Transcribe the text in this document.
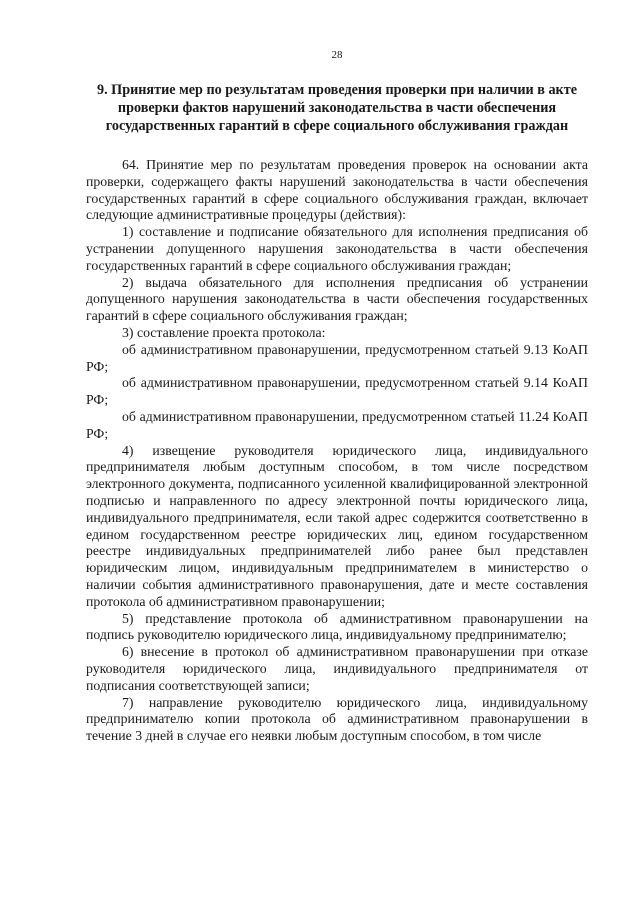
28
9. Принятие мер по результатам проведения проверки при наличии в акте проверки фактов нарушений законодательства в части обеспечения государственных гарантий в сфере социального обслуживания граждан

64. Принятие мер по результатам проведения проверок на основании акта проверки, содержащего факты нарушений законодательства в части обеспечения государственных гарантий в сфере социального обслуживания граждан, включает следующие административные процедуры (действия):

1) составление и подписание обязательного для исполнения предписания об устранении допущенного нарушения законодательства в части обеспечения государственных гарантий в сфере социального обслуживания граждан;

2) выдача обязательного для исполнения предписания об устранении допущенного нарушения законодательства в части обеспечения государственных гарантий в сфере социального обслуживания граждан;

3) составление проекта протокола:

об административном правонарушении, предусмотренном статьей 9.13 КоАП РФ;

об административном правонарушении, предусмотренном статьей 9.14 КоАП РФ;

об административном правонарушении, предусмотренном статьей 11.24 КоАП РФ;

4) извещение руководителя юридического лица, индивидуального предпринимателя любым доступным способом, в том числе посредством электронного документа, подписанного усиленной квалифицированной электронной подписью и направленного по адресу электронной почты юридического лица, индивидуального предпринимателя, если такой адрес содержится соответственно в едином государственном реестре юридических лиц, едином государственном реестре индивидуальных предпринимателей либо ранее был представлен юридическим лицом, индивидуальным предпринимателем в министерство о наличии события административного правонарушения, дате и месте составления протокола об административном правонарушении;

5) представление протокола об административном правонарушении на подпись руководителю юридического лица, индивидуальному предпринимателю;

6) внесение в протокол об административном правонарушении при отказе руководителя юридического лица, индивидуального предпринимателя от подписания соответствующей записи;

7) направление руководителю юридического лица, индивидуальному предпринимателю копии протокола об административном правонарушении в течение 3 дней в случае его неявки любым доступным способом, в том числе
